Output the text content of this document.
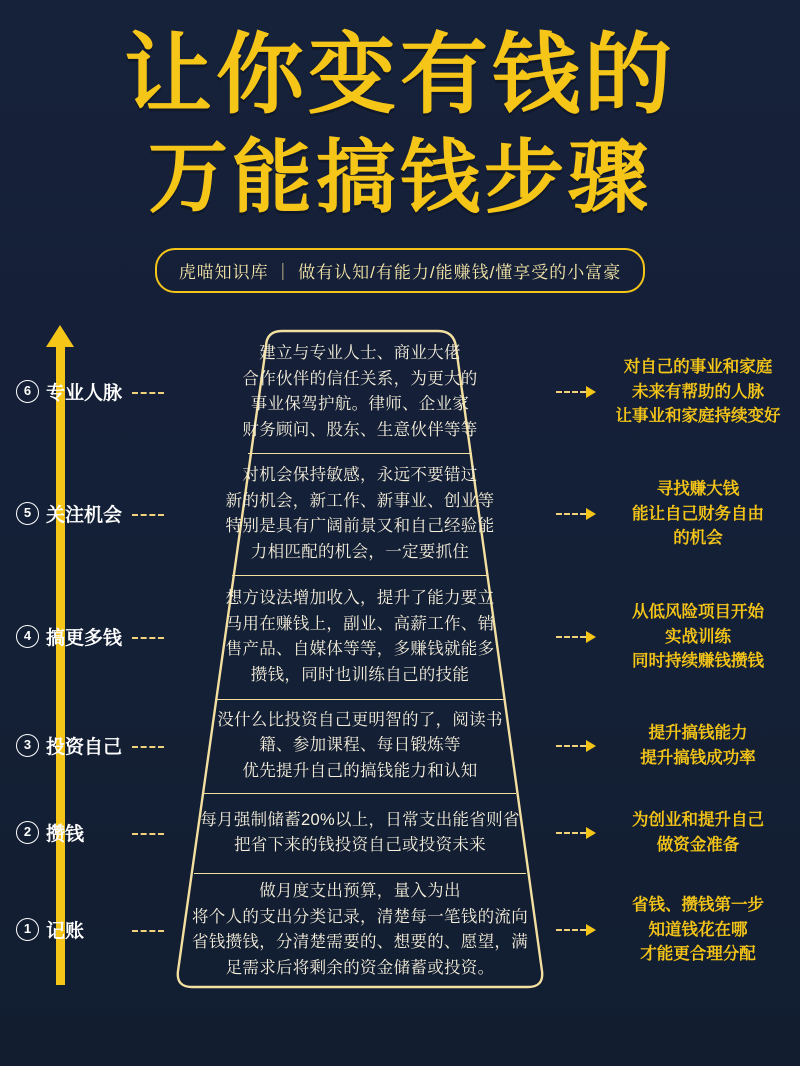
让你变有钱的
万能搞钱步骤
虎喵知识库 ｜ 做有认知/有能力/能赚钱/懂享受的小富豪
6 专业人脉
建立与专业人士、商业大佬
合作伙伴的信任关系，为更大的
事业保驾护航。律师、企业家
财务顾问、股东、生意伙伴等等
对自己的事业和家庭
未来有帮助的人脉
让事业和家庭持续变好
5 关注机会
对机会保持敏感，永远不要错过
新的机会，新工作、新事业、创业等
特别是具有广阔前景又和自己经验能
力相匹配的机会，一定要抓住
寻找赚大钱
能让自己财务自由
的机会
4 搞更多钱
想方设法增加收入，提升了能力要立
马用在赚钱上，副业、高薪工作、销
售产品、自媒体等等，多赚钱就能多
攒钱，同时也训练自己的技能
从低风险项目开始
实战训练
同时持续赚钱攒钱
3 投资自己
没什么比投资自己更明智的了，阅读书
籍、参加课程、每日锻炼等
优先提升自己的搞钱能力和认知
提升搞钱能力
提升搞钱成功率
2 攒钱
每月强制储蓄20%以上，日常支出能省则省
把省下来的钱投资自己或投资未来
为创业和提升自己
做资金准备
1 记账
做月度支出预算，量入为出
将个人的支出分类记录，清楚每一笔钱的流向
省钱攒钱，分清楚需要的、想要的、愿望，满
足需求后将剩余的资金储蓄或投资。
省钱、攒钱第一步
知道钱花在哪
才能更合理分配
